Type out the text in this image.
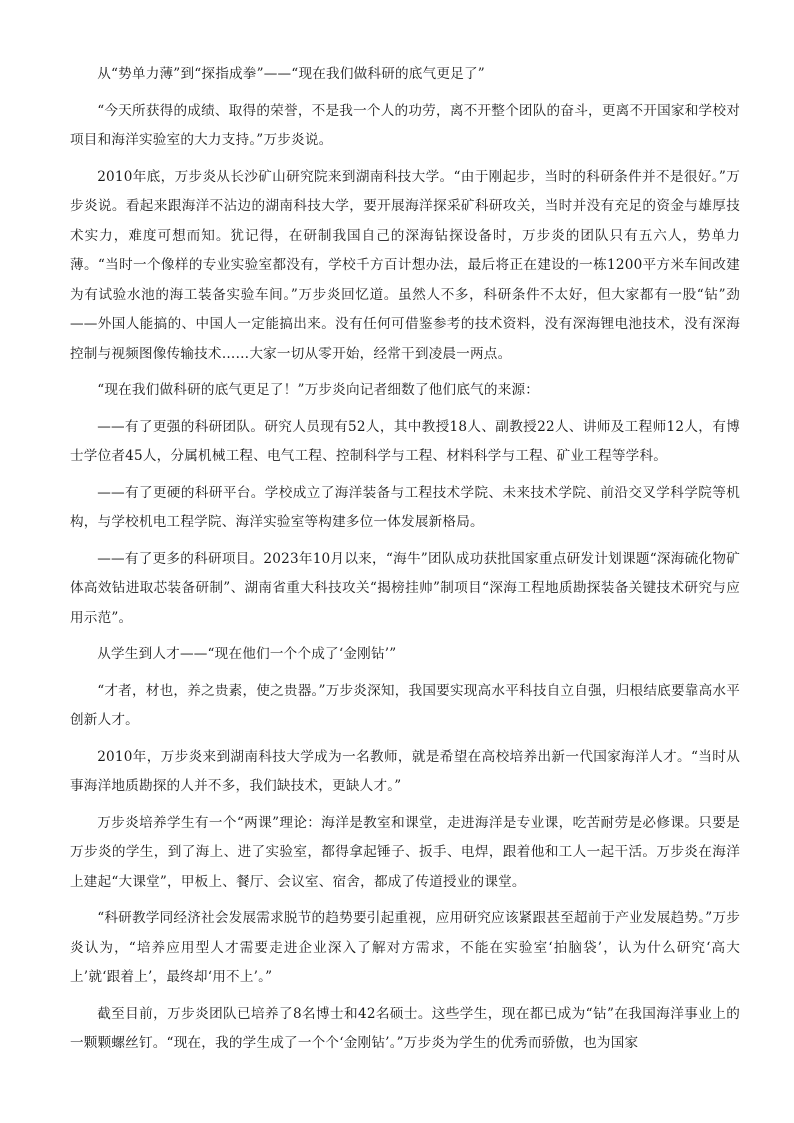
从“势单力薄”到“探指成拳”——“现在我们做科研的底气更足了”

“今天所获得的成绩、取得的荣誉，不是我一个人的功劳，离不开整个团队的奋斗，更离不开国家和学校对项目和海洋实验室的大力支持。”万步炎说。

2010年底，万步炎从长沙矿山研究院来到湖南科技大学。“由于刚起步，当时的科研条件并不是很好。”万步炎说。看起来跟海洋不沾边的湖南科技大学，要开展海洋探采矿科研攻关，当时并没有充足的资金与雄厚技术实力，难度可想而知。犹记得，在研制我国自己的深海钻探设备时，万步炎的团队只有五六人，势单力薄。“当时一个像样的专业实验室都没有，学校千方百计想办法，最后将正在建设的一栋1200平方米车间改建为有试验水池的海工装备实验车间。”万步炎回忆道。虽然人不多，科研条件不太好，但大家都有一股“钻”劲——外国人能搞的、中国人一定能搞出来。没有任何可借鉴参考的技术资料，没有深海锂电池技术，没有深海控制与视频图像传输技术……大家一切从零开始，经常干到凌晨一两点。

“现在我们做科研的底气更足了！”万步炎向记者细数了他们底气的来源：

——有了更强的科研团队。研究人员现有52人，其中教授18人、副教授22人、讲师及工程师12人，有博士学位者45人，分属机械工程、电气工程、控制科学与工程、材料科学与工程、矿业工程等学科。

——有了更硬的科研平台。学校成立了海洋装备与工程技术学院、未来技术学院、前沿交叉学科学院等机构，与学校机电工程学院、海洋实验室等构建多位一体发展新格局。

——有了更多的科研项目。2023年10月以来，“海牛”团队成功获批国家重点研发计划课题“深海硫化物矿体高效钻进取芯装备研制”、湖南省重大科技攻关“揭榜挂帅”制项目“深海工程地质勘探装备关键技术研究与应用示范”。

从学生到人才——“现在他们一个个成了‘金刚钻’”

“才者，材也，养之贵素，使之贵器。”万步炎深知，我国要实现高水平科技自立自强，归根结底要靠高水平创新人才。

2010年，万步炎来到湖南科技大学成为一名教师，就是希望在高校培养出新一代国家海洋人才。“当时从事海洋地质勘探的人并不多，我们缺技术，更缺人才。”

万步炎培养学生有一个“两课”理论：海洋是教室和课堂，走进海洋是专业课，吃苦耐劳是必修课。只要是万步炎的学生，到了海上、进了实验室，都得拿起锤子、扳手、电焊，跟着他和工人一起干活。万步炎在海洋上建起“大课堂”，甲板上、餐厅、会议室、宿舍，都成了传道授业的课堂。

“科研教学同经济社会发展需求脱节的趋势要引起重视，应用研究应该紧跟甚至超前于产业发展趋势。”万步炎认为，“培养应用型人才需要走进企业深入了解对方需求，不能在实验室‘拍脑袋’，认为什么研究‘高大上’就‘跟着上’，最终却‘用不上’。”

截至目前，万步炎团队已培养了8名博士和42名硕士。这些学生，现在都已成为“钻”在我国海洋事业上的一颗颗螺丝钉。“现在，我的学生成了一个个‘金刚钻’。”万步炎为学生的优秀而骄傲，也为国家
